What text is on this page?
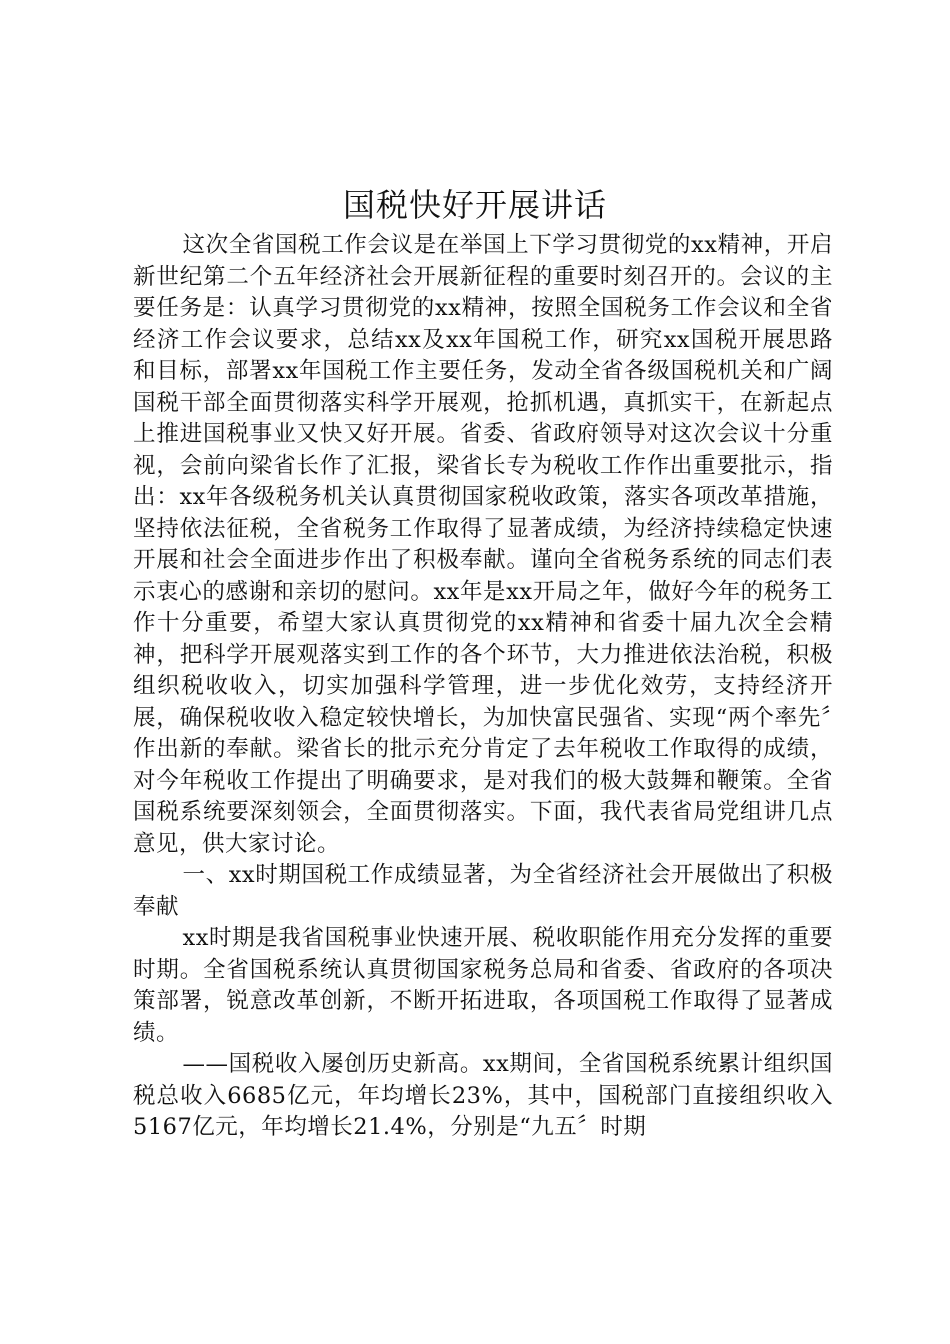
国税快好开展讲话

这次全省国税工作会议是在举国上下学习贯彻党的xx精神，开启新世纪第二个五年经济社会开展新征程的重要时刻召开的。会议的主要任务是：认真学习贯彻党的xx精神，按照全国税务工作会议和全省经济工作会议要求，总结xx及xx年国税工作，研究xx国税开展思路和目标，部署xx年国税工作主要任务，发动全省各级国税机关和广阔国税干部全面贯彻落实科学开展观，抢抓机遇，真抓实干，在新起点上推进国税事业又快又好开展。省委、省政府领导对这次会议十分重视，会前向梁省长作了汇报，梁省长专为税收工作作出重要批示，指出：xx年各级税务机关认真贯彻国家税收政策，落实各项改革措施，坚持依法征税，全省税务工作取得了显著成绩，为经济持续稳定快速开展和社会全面进步作出了积极奉献。谨向全省税务系统的同志们表示衷心的感谢和亲切的慰问。xx年是xx开局之年，做好今年的税务工作十分重要，希望大家认真贯彻党的xx精神和省委十届九次全会精神，把科学开展观落实到工作的各个环节，大力推进依法治税，积极组织税收收入，切实加强科学管理，进一步优化效劳，支持经济开展，确保税收收入稳定较快增长，为加快富民强省、实现“两个率先〞作出新的奉献。梁省长的批示充分肯定了去年税收工作取得的成绩，对今年税收工作提出了明确要求，是对我们的极大鼓舞和鞭策。全省国税系统要深刻领会，全面贯彻落实。下面，我代表省局党组讲几点意见，供大家讨论。

一、xx时期国税工作成绩显著，为全省经济社会开展做出了积极奉献

xx时期是我省国税事业快速开展、税收职能作用充分发挥的重要时期。全省国税系统认真贯彻国家税务总局和省委、省政府的各项决策部署，锐意改革创新，不断开拓进取，各项国税工作取得了显著成绩。

——国税收入屡创历史新高。xx期间，全省国税系统累计组织国税总收入6685亿元，年均增长23%，其中，国税部门直接组织收入5167亿元，年均增长21.4%，分别是“九五〞时期
